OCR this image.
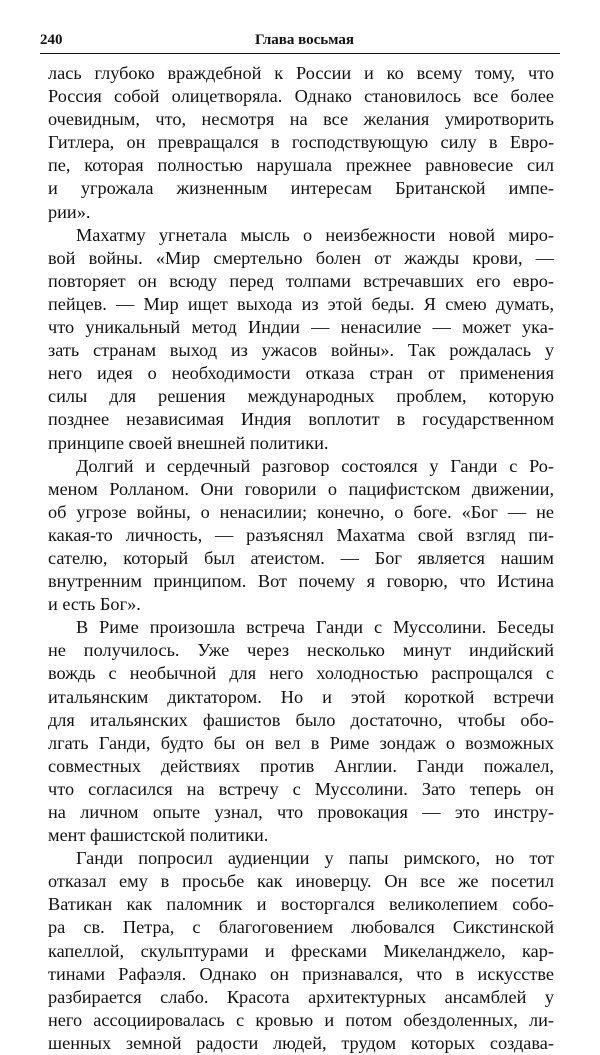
240	Глава восьмая
лась глубоко враждебной к России и ко всему тому, что
Россия собой олицетворяла. Однако становилось все более
очевидным, что, несмотря на все желания умиротворить
Гитлера, он превращался в господствующую силу в Евро-
пе, которая полностью нарушала прежнее равновесие сил
и угрожала жизненным интересам Британской импе-
рии».
Махатму угнетала мысль о неизбежности новой миро-
вой войны. «Мир смертельно болен от жажды крови, —
повторяет он всюду перед толпами встречавших его евро-
пейцев. — Мир ищет выхода из этой беды. Я смею думать,
что уникальный метод Индии — ненасилие — может ука-
зать странам выход из ужасов войны». Так рождалась у
него идея о необходимости отказа стран от применения
силы для решения международных проблем, которую
позднее независимая Индия воплотит в государственном
принципе своей внешней политики.
Долгий и сердечный разговор состоялся у Ганди с Ро-
меном Ролланом. Они говорили о пацифистском движении,
об угрозе войны, о ненасилии; конечно, о боге. «Бог — не
какая-то личность, — разъяснял Махатма свой взгляд пи-
сателю, который был атеистом. — Бог является нашим
внутренним принципом. Вот почему я говорю, что Истина
и есть Бог».
В Риме произошла встреча Ганди с Муссолини. Беседы
не получилось. Уже через несколько минут индийский
вождь с необычной для него холодностью распрощался с
итальянским диктатором. Но и этой короткой встречи
для итальянских фашистов было достаточно, чтобы обо-
лгать Ганди, будто бы он вел в Риме зондаж о возможных
совместных действиях против Англии. Ганди пожалел,
что согласился на встречу с Муссолини. Зато теперь он
на личном опыте узнал, что провокация — это инстру-
мент фашистской политики.
Ганди попросил аудиенции у папы римского, но тот
отказал ему в просьбе как иноверцу. Он все же посетил
Ватикан как паломник и восторгался великолепием собо-
ра св. Петра, с благоговением любовался Сикстинской
капеллой, скульптурами и фресками Микеланджело, кар-
тинами Рафаэля. Однако он признавался, что в искусстве
разбирается слабо. Красота архитектурных ансамблей у
него ассоциировалась с кровью и потом обездоленных, ли-
шенных земной радости людей, трудом которых создава-
